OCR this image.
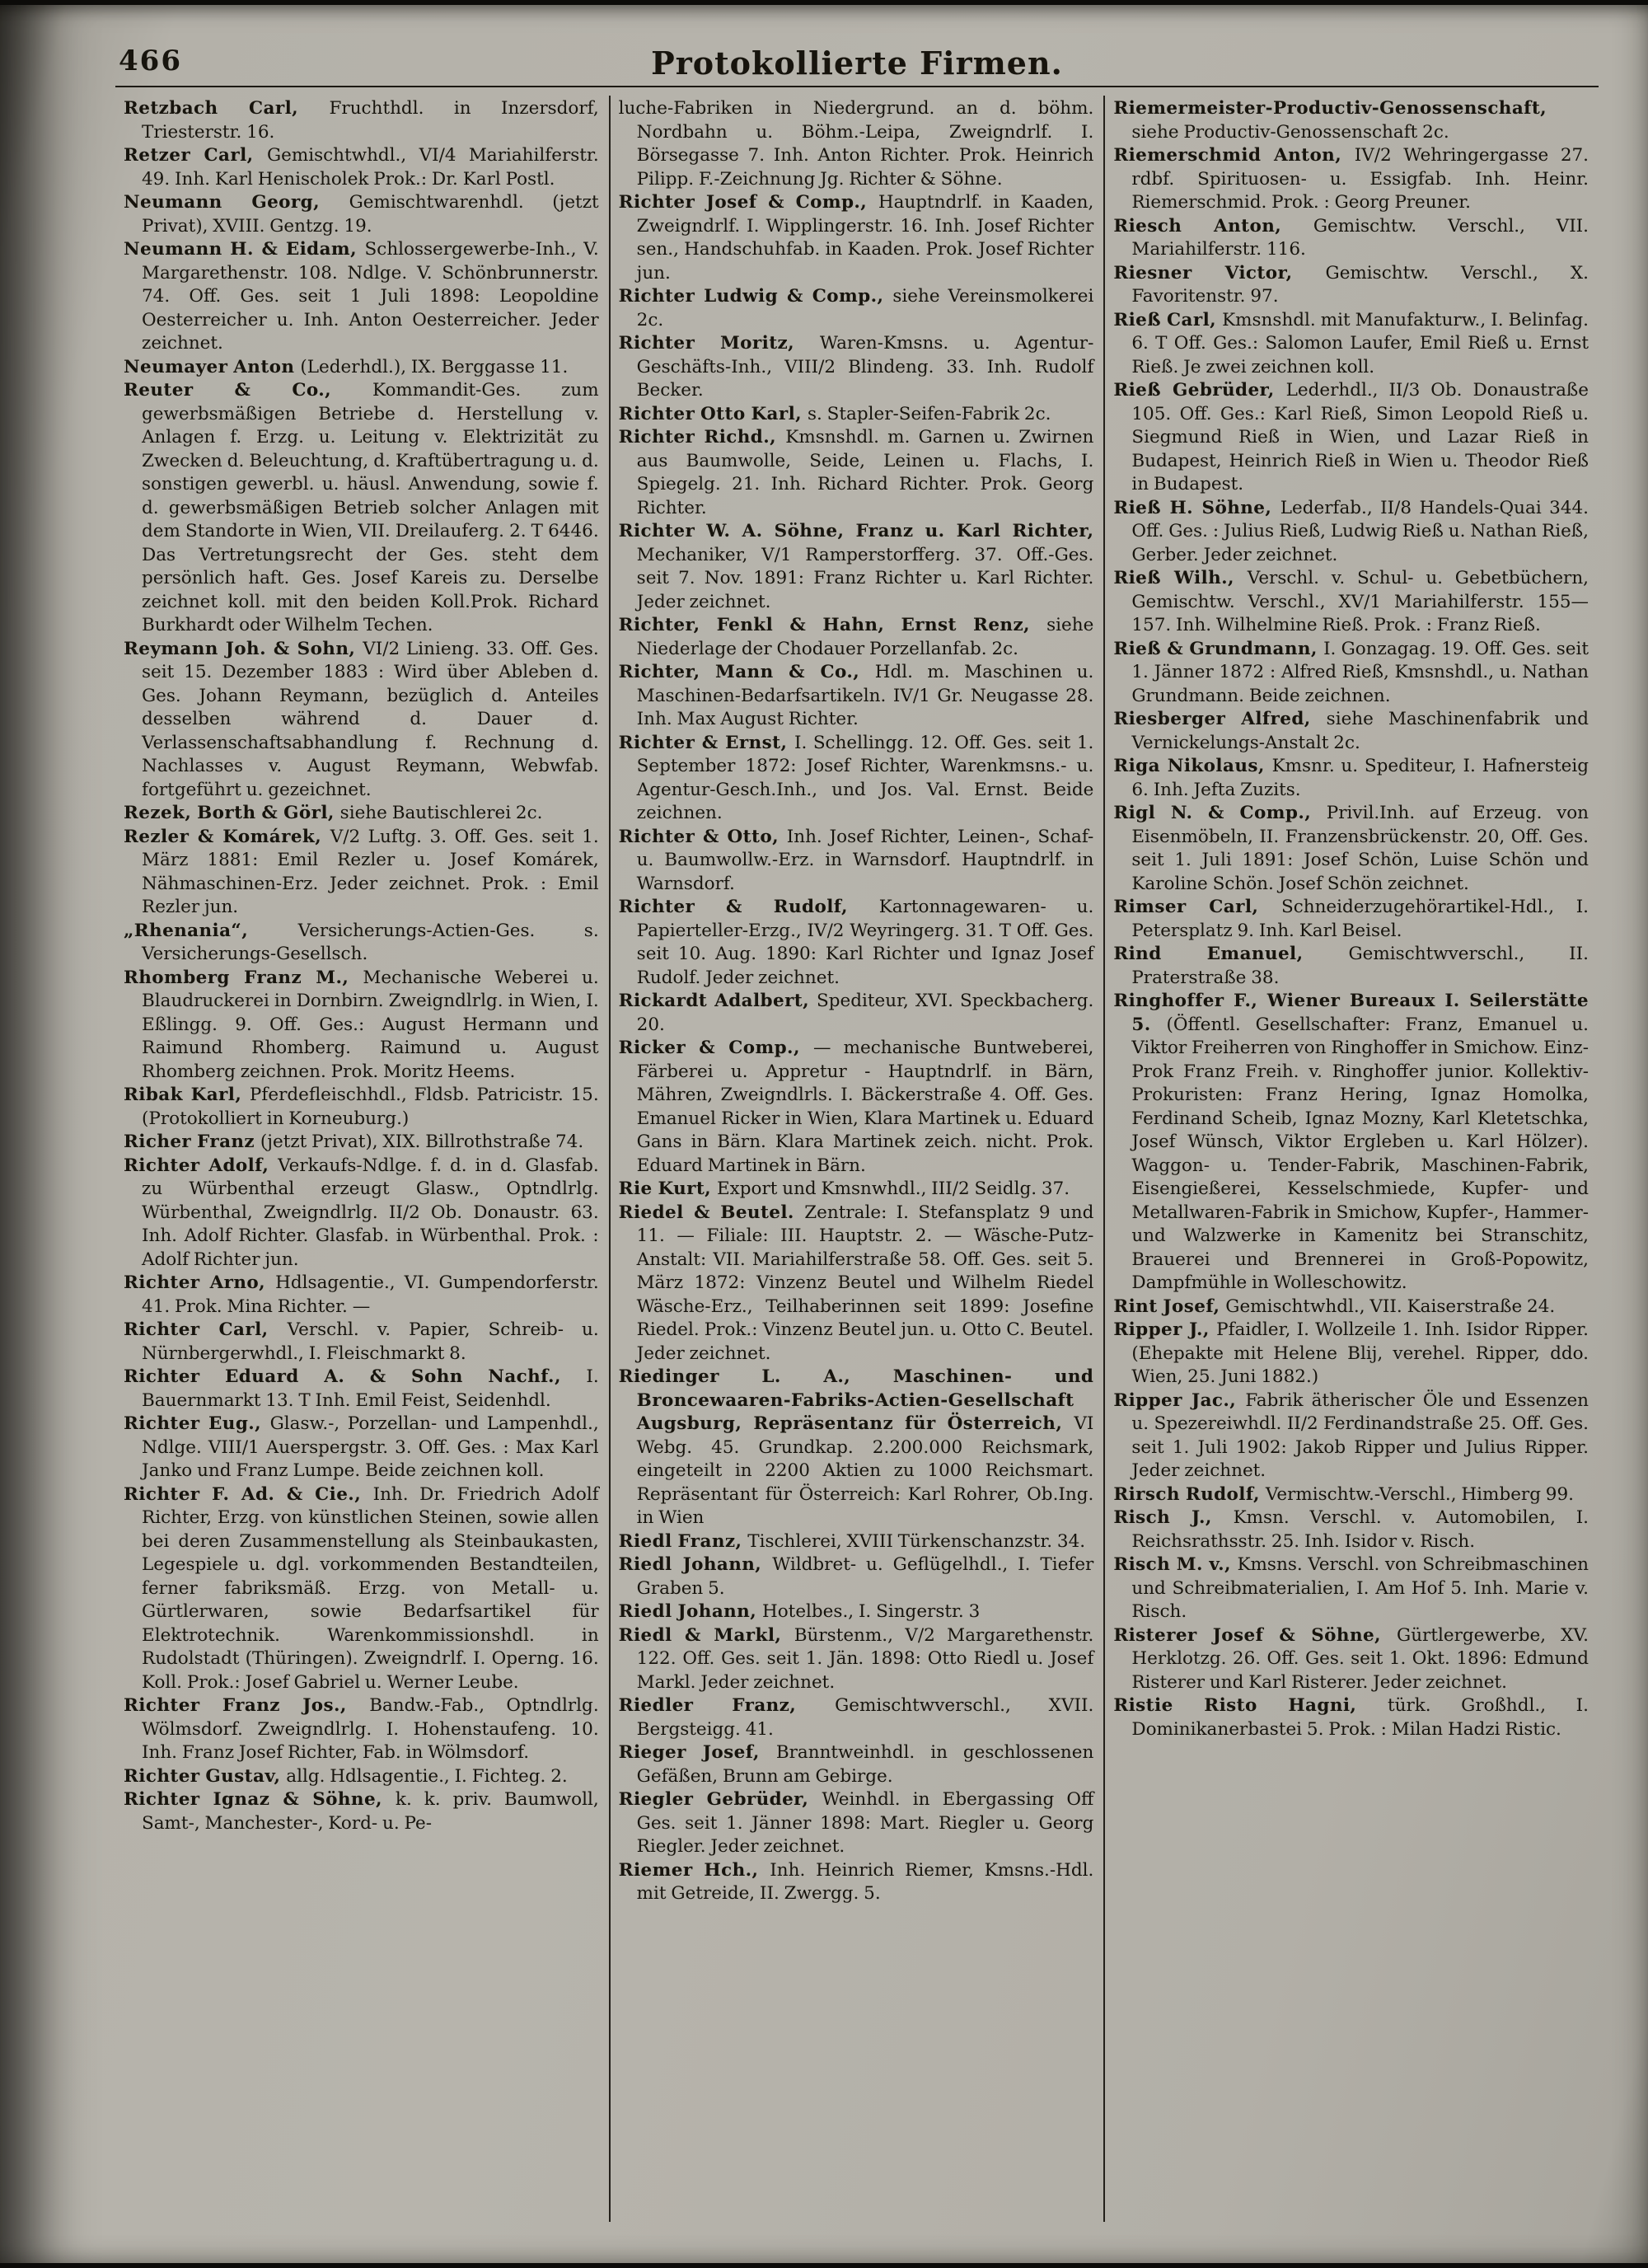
466	Protokollierte Firmen.

Retzbach Carl, Fruchthdl. in Inzersdorf, Triesterstr. 16.

Retzer Carl, Gemischtwhdl., VI/4 Mariahilferstr. 49. Inh. Karl Henischolek Prok.: Dr. Karl Postl.

Neumann Georg, Gemischtwarenhdl. (jetzt Privat), XVIII. Gentzg. 19.

Neumann H. & Eidam, Schlossergewerbe-Inh., V. Margarethenstr. 108. Ndlge. V. Schönbrunnerstr. 74. Off. Ges. seit 1 Juli 1898: Leopoldine Oesterreicher u. Inh. Anton Oesterreicher. Jeder zeichnet.

Neumayer Anton (Lederhdl.), IX. Berggasse 11.

Reuter & Co., Kommandit-Ges. zum gewerbsmäßigen Betriebe d. Herstellung v. Anlagen f. Erzg. u. Leitung v. Elektrizität zu Zwecken d. Beleuchtung, d. Kraftübertragung u. d. sonstigen gewerbl. u. häusl. Anwendung, sowie f. d. gewerbsmäßigen Betrieb solcher Anlagen mit dem Standorte in Wien, VII. Dreilauferg. 2. T 6446. Das Vertretungsrecht der Ges. steht dem persönlich haft. Ges. Josef Kareis zu. Derselbe zeichnet koll. mit den beiden Koll.Prok. Richard Burkhardt oder Wilhelm Techen.

Reymann Joh. & Sohn, VI/2 Linieng. 33. Off. Ges. seit 15. Dezember 1883 : Wird über Ableben d. Ges. Johann Reymann, bezüglich d. Anteiles desselben während d. Dauer d. Verlassenschaftsabhandlung f. Rechnung d. Nachlasses v. August Reymann, Webwfab. fortgeführt u. gezeichnet.

Rezek, Borth & Görl, siehe Bautischlerei 2c.

Rezler & Komárek, V/2 Luftg. 3. Off. Ges. seit 1. März 1881: Emil Rezler u. Josef Komárek, Nähmaschinen-Erz. Jeder zeichnet. Prok. : Emil Rezler jun.

„Rhenania“, Versicherungs-Actien-Ges. s. Versicherungs-Gesellsch.

Rhomberg Franz M., Mechanische Weberei u. Blaudruckerei in Dornbirn. Zweigndlrlg. in Wien, I. Eßlingg. 9. Off. Ges.: August Hermann und Raimund Rhomberg. Raimund u. August Rhomberg zeichnen. Prok. Moritz Heems.

Ribak Karl, Pferdefleischhdl., Fldsb. Patricistr. 15. (Protokolliert in Korneuburg.)

Richer Franz (jetzt Privat), XIX. Billrothstraße 74.

Richter Adolf, Verkaufs-Ndlge. f. d. in d. Glasfab. zu Würbenthal erzeugt Glasw., Optndlrlg. Würbenthal, Zweigndlrlg. II/2 Ob. Donaustr. 63. Inh. Adolf Richter. Glasfab. in Würbenthal. Prok. : Adolf Richter jun.

Richter Arno, Hdlsagentie., VI. Gumpendorferstr. 41. Prok. Mina Richter. —

Richter Carl, Verschl. v. Papier, Schreib- u. Nürnbergerwhdl., I. Fleischmarkt 8.

Richter Eduard A. & Sohn Nachf., I. Bauernmarkt 13. T Inh. Emil Feist, Seidenhdl.

Richter Eug., Glasw.-, Porzellan- und Lampenhdl., Ndlge. VIII/1 Auerspergstr. 3. Off. Ges. : Max Karl Janko und Franz Lumpe. Beide zeichnen koll.

Richter F. Ad. & Cie., Inh. Dr. Friedrich Adolf Richter, Erzg. von künstlichen Steinen, sowie allen bei deren Zusammenstellung als Steinbaukasten, Legespiele u. dgl. vorkommenden Bestandteilen, ferner fabriksmäß. Erzg. von Metall- u. Gürtlerwaren, sowie Bedarfsartikel für Elektrotechnik. Warenkommissionshdl. in Rudolstadt (Thüringen). Zweigndrlf. I. Operng. 16. Koll. Prok.: Josef Gabriel u. Werner Leube.

Richter Franz Jos., Bandw.-Fab., Optndlrlg. Wölmsdorf. Zweigndlrlg. I. Hohenstaufeng. 10. Inh. Franz Josef Richter, Fab. in Wölmsdorf.

Richter Gustav, allg. Hdlsagentie., I. Fichteg. 2.

Richter Ignaz & Söhne, k. k. priv. Baumwoll, Samt-, Manchester-, Kord- u. Pe-

luche-Fabriken in Niedergrund. an d. böhm. Nordbahn u. Böhm.-Leipa, Zweigndrlf. I. Börsegasse 7. Inh. Anton Richter. Prok. Heinrich Pilipp. F.-Zeichnung Jg. Richter & Söhne.

Richter Josef & Comp., Hauptndrlf. in Kaaden, Zweigndrlf. I. Wipplingerstr. 16. Inh. Josef Richter sen., Handschuhfab. in Kaaden. Prok. Josef Richter jun.

Richter Ludwig & Comp., siehe Vereinsmolkerei 2c.

Richter Moritz, Waren-Kmsns. u. Agentur-Geschäfts-Inh., VIII/2 Blindeng. 33. Inh. Rudolf Becker.

Richter Otto Karl, s. Stapler-Seifen-Fabrik 2c.

Richter Richd., Kmsnshdl. m. Garnen u. Zwirnen aus Baumwolle, Seide, Leinen u. Flachs, I. Spiegelg. 21. Inh. Richard Richter. Prok. Georg Richter.

Richter W. A. Söhne, Franz u. Karl Richter, Mechaniker, V/1 Ramperstorfferg. 37. Off.-Ges. seit 7. Nov. 1891: Franz Richter u. Karl Richter. Jeder zeichnet.

Richter, Fenkl & Hahn, Ernst Renz, siehe Niederlage der Chodauer Porzellanfab. 2c.

Richter, Mann & Co., Hdl. m. Maschinen u. Maschinen-Bedarfsartikeln. IV/1 Gr. Neugasse 28. Inh. Max August Richter.

Richter & Ernst, I. Schellingg. 12. Off. Ges. seit 1. September 1872: Josef Richter, Warenkmsns.- u. Agentur-Gesch.Inh., und Jos. Val. Ernst. Beide zeichnen.

Richter & Otto, Inh. Josef Richter, Leinen-, Schaf- u. Baumwollw.-Erz. in Warnsdorf. Hauptndrlf. in Warnsdorf.

Richter & Rudolf, Kartonnagewaren- u. Papierteller-Erzg., IV/2 Weyringerg. 31. T Off. Ges. seit 10. Aug. 1890: Karl Richter und Ignaz Josef Rudolf. Jeder zeichnet.

Rickardt Adalbert, Spediteur, XVI. Speckbacherg. 20.

Ricker & Comp., — mechanische Buntweberei, Färberei u. Appretur - Hauptndrlf. in Bärn, Mähren, Zweigndlrls. I. Bäckerstraße 4. Off. Ges. Emanuel Ricker in Wien, Klara Martinek u. Eduard Gans in Bärn. Klara Martinek zeich. nicht. Prok. Eduard Martinek in Bärn.

Rie Kurt, Export und Kmsnwhdl., III/2 Seidlg. 37.

Riedel & Beutel. Zentrale: I. Stefansplatz 9 und 11. — Filiale: III. Hauptstr. 2. — Wäsche-Putz-Anstalt: VII. Mariahilferstraße 58. Off. Ges. seit 5. März 1872: Vinzenz Beutel und Wilhelm Riedel Wäsche-Erz., Teilhaberinnen seit 1899: Josefine Riedel. Prok.: Vinzenz Beutel jun. u. Otto C. Beutel. Jeder zeichnet.

Riedinger L. A., Maschinen- und Broncewaaren-Fabriks-Actien-Gesellschaft Augsburg, Repräsentanz für Österreich, VI Webg. 45. Grundkap. 2.200.000 Reichsmark, eingeteilt in 2200 Aktien zu 1000 Reichsmart. Repräsentant für Österreich: Karl Rohrer, Ob.Ing. in Wien

Riedl Franz, Tischlerei, XVIII Türkenschanzstr. 34.

Riedl Johann, Wildbret- u. Geflügelhdl., I. Tiefer Graben 5.

Riedl Johann, Hotelbes., I. Singerstr. 3

Riedl & Markl, Bürstenm., V/2 Margarethenstr. 122. Off. Ges. seit 1. Jän. 1898: Otto Riedl u. Josef Markl. Jeder zeichnet.

Riedler Franz, Gemischtwverschl., XVII. Bergsteigg. 41.

Rieger Josef, Branntweinhdl. in geschlossenen Gefäßen, Brunn am Gebirge.

Riegler Gebrüder, Weinhdl. in Ebergassing Off Ges. seit 1. Jänner 1898: Mart. Riegler u. Georg Riegler. Jeder zeichnet.

Riemer Hch., Inh. Heinrich Riemer, Kmsns.-Hdl. mit Getreide, II. Zwergg. 5.

Riemermeister-Productiv-Genossenschaft, siehe Productiv-Genossenschaft 2c.

Riemerschmid Anton, IV/2 Wehringergasse 27. rdbf. Spirituosen- u. Essigfab. Inh. Heinr. Riemerschmid. Prok. : Georg Preuner.

Riesch Anton, Gemischtw. Verschl., VII. Mariahilferstr. 116.

Riesner Victor, Gemischtw. Verschl., X. Favoritenstr. 97.

Rieß Carl, Kmsnshdl. mit Manufakturw., I. Belinfag. 6. T Off. Ges.: Salomon Laufer, Emil Rieß u. Ernst Rieß. Je zwei zeichnen koll.

Rieß Gebrüder, Lederhdl., II/3 Ob. Donaustraße 105. Off. Ges.: Karl Rieß, Simon Leopold Rieß u. Siegmund Rieß in Wien, und Lazar Rieß in Budapest, Heinrich Rieß in Wien u. Theodor Rieß in Budapest.

Rieß H. Söhne, Lederfab., II/8 Handels-Quai 344. Off. Ges. : Julius Rieß, Ludwig Rieß u. Nathan Rieß, Gerber. Jeder zeichnet.

Rieß Wilh., Verschl. v. Schul- u. Gebetbüchern, Gemischtw. Verschl., XV/1 Mariahilferstr. 155—157. Inh. Wilhelmine Rieß. Prok. : Franz Rieß.

Rieß & Grundmann, I. Gonzagag. 19. Off. Ges. seit 1. Jänner 1872 : Alfred Rieß, Kmsnshdl., u. Nathan Grundmann. Beide zeichnen.

Riesberger Alfred, siehe Maschinenfabrik und Vernickelungs-Anstalt 2c.

Riga Nikolaus, Kmsnr. u. Spediteur, I. Hafnersteig 6. Inh. Jefta Zuzits.

Rigl N. & Comp., Privil.Inh. auf Erzeug. von Eisenmöbeln, II. Franzensbrückenstr. 20, Off. Ges. seit 1. Juli 1891: Josef Schön, Luise Schön und Karoline Schön. Josef Schön zeichnet.

Rimser Carl, Schneiderzugehörartikel-Hdl., I. Petersplatz 9. Inh. Karl Beisel.

Rind Emanuel, Gemischtwverschl., II. Praterstraße 38.

Ringhoffer F., Wiener Bureaux I. Seilerstätte 5. (Öffentl. Gesellschafter: Franz, Emanuel u. Viktor Freiherren von Ringhoffer in Smichow. Einz-Prok Franz Freih. v. Ringhoffer junior. Kollektiv-Prokuristen: Franz Hering, Ignaz Homolka, Ferdinand Scheib, Ignaz Mozny, Karl Kletetschka, Josef Wünsch, Viktor Ergleben u. Karl Hölzer). Waggon- u. Tender-Fabrik, Maschinen-Fabrik, Eisengießerei, Kesselschmiede, Kupfer- und Metallwaren-Fabrik in Smichow, Kupfer-, Hammer- und Walzwerke in Kamenitz bei Stranschitz, Brauerei und Brennerei in Groß-Popowitz, Dampfmühle in Wolleschowitz.

Rint Josef, Gemischtwhdl., VII. Kaiserstraße 24.

Ripper J., Pfaidler, I. Wollzeile 1. Inh. Isidor Ripper. (Ehepakte mit Helene Blij, verehel. Ripper, ddo. Wien, 25. Juni 1882.)

Ripper Jac., Fabrik ätherischer Öle und Essenzen u. Spezereiwhdl. II/2 Ferdinandstraße 25. Off. Ges. seit 1. Juli 1902: Jakob Ripper und Julius Ripper. Jeder zeichnet.

Rirsch Rudolf, Vermischtw.-Verschl., Himberg 99.

Risch J., Kmsn. Verschl. v. Automobilen, I. Reichsrathsstr. 25. Inh. Isidor v. Risch.

Risch M. v., Kmsns. Verschl. von Schreibmaschinen und Schreibmaterialien, I. Am Hof 5. Inh. Marie v. Risch.

Risterer Josef & Söhne, Gürtlergewerbe, XV. Herklotzg. 26. Off. Ges. seit 1. Okt. 1896: Edmund Risterer und Karl Risterer. Jeder zeichnet.

Ristie Risto Hagni, türk. Großhdl., I. Dominikanerbastei 5. Prok. : Milan Hadzi Ristic.
